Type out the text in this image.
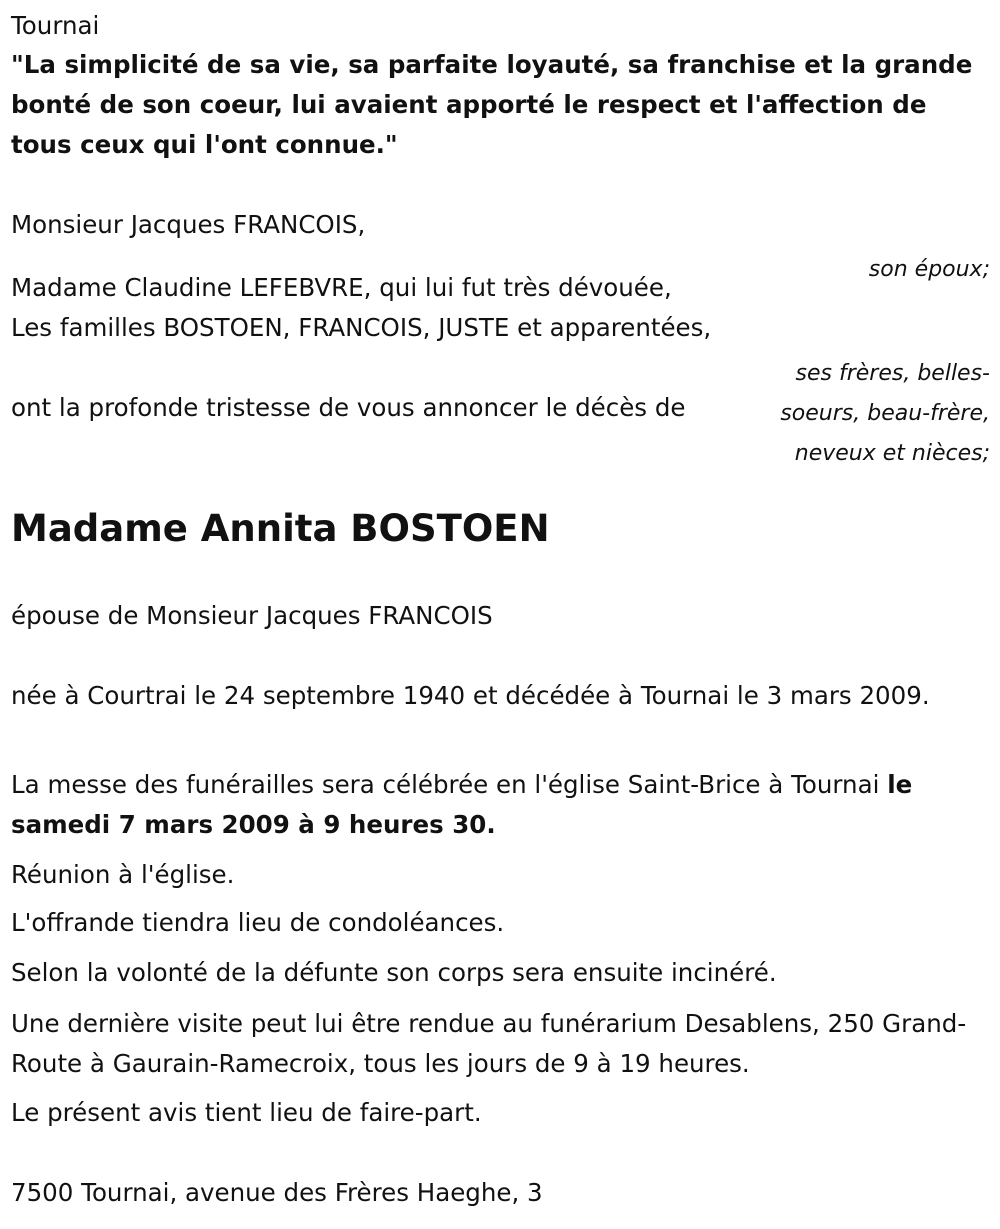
Tournai

"La simplicité de sa vie, sa parfaite loyauté, sa franchise et la grande bonté de son coeur, lui avaient apporté le respect et l'affection de tous ceux qui l'ont connue."

Monsieur Jacques FRANCOIS,

son époux;

Madame Claudine LEFEBVRE, qui lui fut très dévouée,

Les familles BOSTOEN, FRANCOIS, JUSTE et apparentées,

ses frères, belles-soeurs, beau-frère, neveux et nièces;

ont la profonde tristesse de vous annoncer le décès de

Madame Annita BOSTOEN

épouse de Monsieur Jacques FRANCOIS

née à Courtrai le 24 septembre 1940 et décédée à Tournai le 3 mars 2009.

La messe des funérailles sera célébrée en l'église Saint-Brice à Tournai le samedi 7 mars 2009 à 9 heures 30.

Réunion à l'église.

L'offrande tiendra lieu de condoléances.

Selon la volonté de la défunte son corps sera ensuite incinéré.

Une dernière visite peut lui être rendue au funérarium Desablens, 250 Grand-Route à Gaurain-Ramecroix, tous les jours de 9 à 19 heures.

Le présent avis tient lieu de faire-part.

7500 Tournai, avenue des Frères Haeghe, 3
